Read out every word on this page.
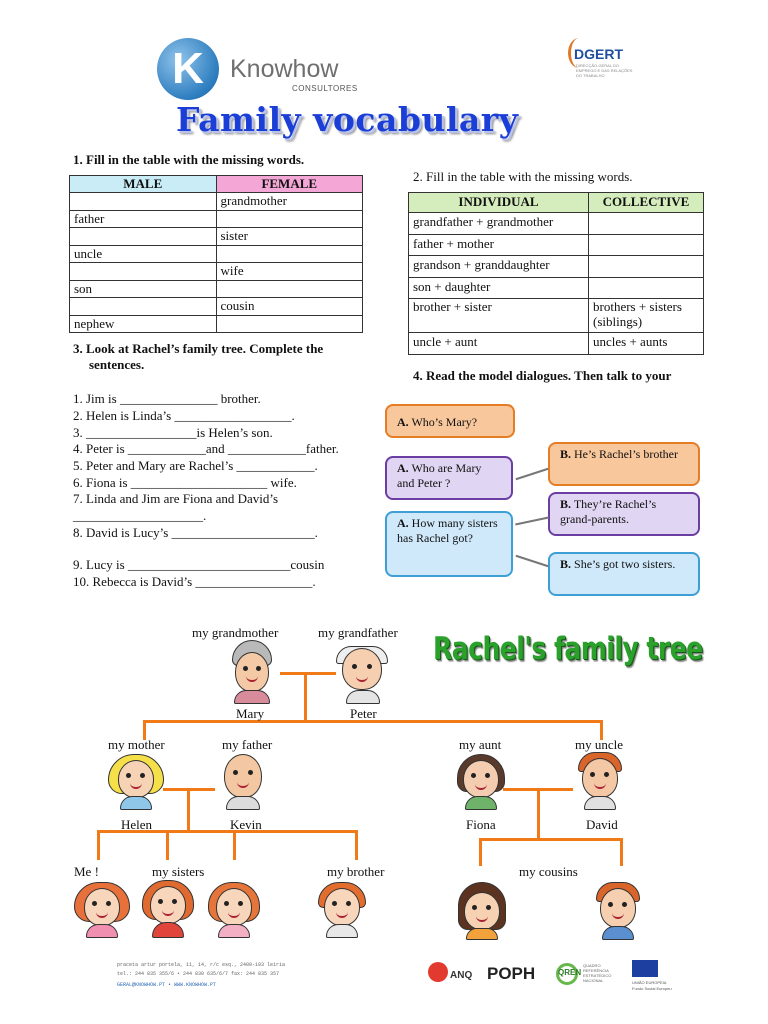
K	Knowhow
CONSULTORES
DGERT
DIRECÇÃO-GERAL DO EMPREGO E DAS RELAÇÕES DO TRABALHO
Family vocabulary
1. Fill in the table with the missing words.
MALE	FEMALE
	grandmother
father	
	sister
uncle	
	wife
son	
	cousin
nephew	
2. Fill in the table with the missing words.
INDIVIDUAL	COLLECTIVE
grandfather + grandmother	
father + mother	
grandson + granddaughter	
son + daughter	
brother + sister	brothers + sisters (siblings)
uncle + aunt	uncles + aunts
3. Look at Rachel’s family tree. Complete the
sentences.
1. Jim is _______________ brother.
2. Helen is Linda’s __________________.
3. _________________is Helen’s son.
4. Peter is ____________and ____________father.
5. Peter and Mary are Rachel’s ____________.
6. Fiona is _____________________ wife.
7. Linda and Jim are Fiona and David’s
____________________.
8. David is Lucy’s ______________________.
9. Lucy is _________________________cousin
10. Rebecca is David’s __________________.
4. Read the model dialogues. Then talk to your
A. Who’s Mary?
A. Who are Mary and Peter ?
A. How many sisters has Rachel got?
B. He’s Rachel’s brother
B. They’re Rachel’s grand-parents.
B. She’s got two sisters.
Rachel's family tree
my grandmother	my grandfather
Mary	Peter
my mother	my father	my aunt	my uncle
Helen	Kevin	Fiona	David
Me !	my sisters	my brother	my cousins
praceta artur portela, 11, 14, r/c esq., 2400-193 leiria
tel.: 244 835 355/6 • 244 830 635/6/7 fax: 244 835 357
GERAL@KNOWHOW.PT • WWW.KNOWHOW.PT
ANQ POPH	QREN
QUADRO REFERÊNCIA ESTRATÉGICO NACIONAL	UNIÃO EUROPEIA
Fundo Social Europeu
